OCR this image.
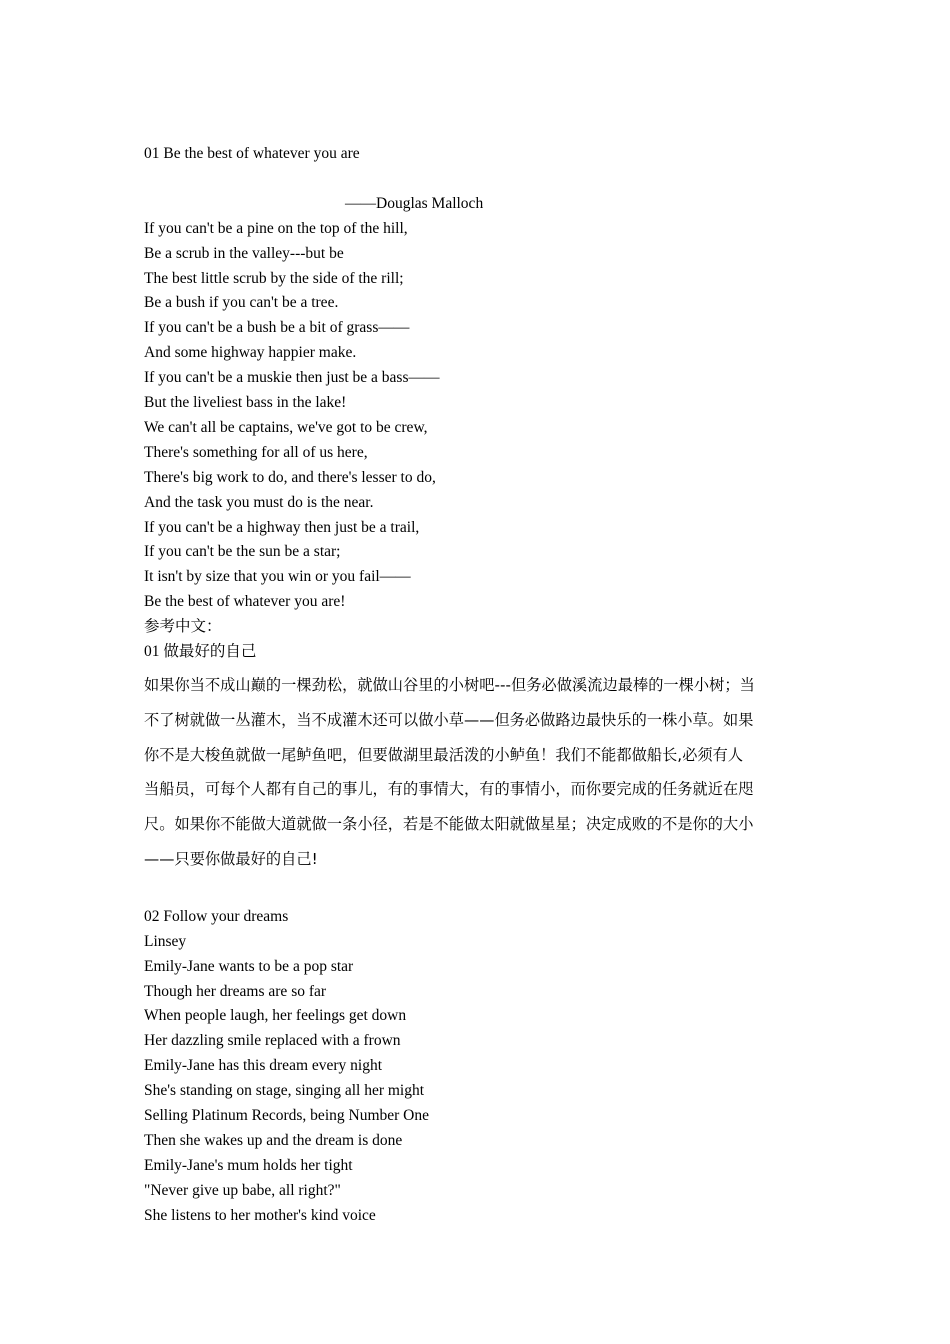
01 Be the best of whatever you are
——Douglas Malloch
If you can't be a pine on the top of the hill,
Be a scrub in the valley---but be
The best little scrub by the side of the rill;
Be a bush if you can't be a tree.
If you can't be a bush be a bit of grass——
And some highway happier make.
If you can't be a muskie then just be a bass——
But the liveliest bass in the lake!
We can't all be captains, we've got to be crew,
There's something for all of us here,
There's big work to do, and there's lesser to do,
And the task you must do is the near.
If you can't be a highway then just be a trail,
If you can't be the sun be a star;
It isn't by size that you win or you fail——
Be the best of whatever you are!
参考中文：
01 做最好的自己
如果你当不成山巅的一棵劲松，就做山谷里的小树吧---但务必做溪流边最棒的一棵小树；当
不了树就做一丛灌木，当不成灌木还可以做小草——但务必做路边最快乐的一株小草。如果
你不是大梭鱼就做一尾鲈鱼吧，但要做湖里最活泼的小鲈鱼！我们不能都做船长,必须有人
当船员，可每个人都有自己的事儿，有的事情大，有的事情小，而你要完成的任务就近在咫
尺。如果你不能做大道就做一条小径，若是不能做太阳就做星星；决定成败的不是你的大小
——只要你做最好的自己!
02 Follow your dreams
Linsey
Emily-Jane wants to be a pop star
Though her dreams are so far
When people laugh, her feelings get down
Her dazzling smile replaced with a frown
Emily-Jane has this dream every night
She's standing on stage, singing all her might
Selling Platinum Records, being Number One
Then she wakes up and the dream is done
Emily-Jane's mum holds her tight
"Never give up babe, all right?"
She listens to her mother's kind voice
